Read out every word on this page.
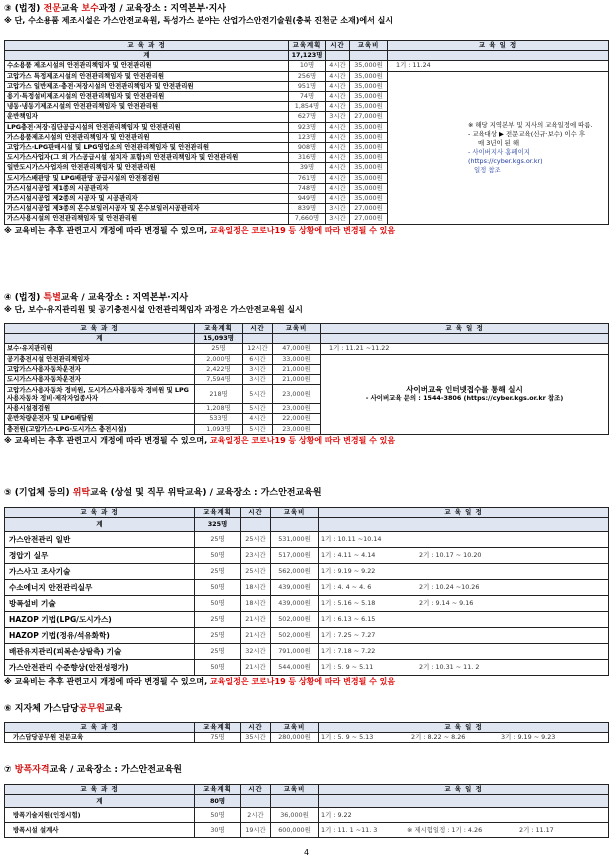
③ (법정) 전문교육 보수과정 / 교육장소 : 지역본부·지사
※ 단, 수소용품 제조시설은 가스안전교육원, 독성가스 분야는 산업가스안전기술원(충북 진천군 소재)에서 실시
교 육 과 정	교육계획	시간	교육비	교 육 일 정
계	17,123명			
수소용품 제조시설의 안전관리책임자 및 안전관리원	10명	4시간	35,000원	1기 : 11.24
고압가스 특정제조시설의 안전관리책임자 및 안전관리원	256명	4시간	35,000원	※ 해당 지역본부 및 지사의 교육일정에 따름.
- 교육대상 ▶ 전문교육(신규·보수) 이수 후
매 3년이 된 해
- 사이버지사 홈페이지(https://cyber.kgs.or.kr)
일정 참조

고압가스 일반제조·충전·저장시설의 안전관리책임자 및 안전관리원	951명	4시간	35,000원	
용기·특정설비제조시설의 안전관리책임자 및 안전관리원	74명	4시간	35,000원	
냉동·냉동기제조시설의 안전관리책임자 및 안전관리원	1,854명	4시간	35,000원	
운반책임자	627명	3시간	27,000원	
LPG충전·저장·집단공급시설의 안전관리책임자 및 안전관리원	923명	4시간	35,000원	
가스용품제조시설의 안전관리책임자 및 안전관리원	123명	4시간	35,000원	
고압가스·LPG판매시설 및 LPG영업소의 안전관리책임자 및 안전관리원	908명	4시간	35,000원	
도시가스사업자(그 외 가스공급시설 설치자 포함)의 안전관리책임자 및 안전관리원	316명	4시간	35,000원	
일반도시가스사업자의 안전관리책임자 및 안전관리원	39명	4시간	35,000원	
도시가스배관망 및 LPG배관망 공급시설의 안전점검원	761명	4시간	35,000원	
가스시설시공업 제1종의 시공관리자	748명	4시간	35,000원	
가스시설시공업 제2종의 시공자 및 시공관리자	949명	4시간	35,000원	
가스시설시공업 제3종의 온수보일러시공자 및 온수보일러시공관리자	839명	3시간	27,000원	
가스사용시설의 안전관리책임자 및 안전관리원	7,660명	3시간	27,000원	
※ 교육비는 추후 관련고시 개정에 따라 변경될 수 있으며, 교육일정은 코로나19 등 상황에 따라 변경될 수 있음
④ (법정) 특별교육 / 교육장소 : 지역본부·지사
※ 단, 보수·유지관리원 및 공기충전시설 안전관리책임자 과정은 가스안전교육원 실시
교 육 과 정	교육계획	시간	교육비	교 육 일 정
계	15,093명			
보수·유지관리원	25명	12시간	47,000원	1기 : 11.21 ~11.22
공기충전시설 안전관리책임자	2,000명	6시간	33,000원	사이버교육 인터넷접수를 통해 실시
- 사이버교육 문의 : 1544-3806 (https://cyber.kgs.or.kr 참조)

고압가스사용자동차운전자	2,422명	3시간	21,000원	
도시가스사용자동차운전자	7,594명	3시간	21,000원	
고압가스사용자동차 정비원, 도시가스사용자동차 정비원 및 LPG사용자동차 정비·제작자업종사자	218명	5시간	23,000원	
사용시설점검원	1,208명	5시간	23,000원	
운반차량운전자 및 LPG배달원	533명	4시간	22,000원	
충전원(고압가스·LPG·도시가스 충전시설)	1,093명	5시간	23,000원	
※ 교육비는 추후 관련고시 개정에 따라 변경될 수 있으며, 교육일정은 코로나19 등 상황에 따라 변경될 수 있음
⑤ (기업체 등의) 위탁교육 (상설 및 직무 위탁교육) / 교육장소 : 가스안전교육원
교 육 과 정	교육계획	시간	교육비	교 육 일 정
계	325명			
가스안전관리 일반	25명	25시간	531,000원	1기 : 10.11 ~10.14
정압기 실무	50명	23시간	517,000원	1기 : 4.11 ~ 4.14 2기 : 10.17 ~ 10.20
가스사고 조사기술	25명	25시간	562,000원	1기 : 9.19 ~ 9.22
수소에너지 안전관리실무	50명	18시간	439,000원	1기 : 4. 4 ~ 4. 6 2기 : 10.24 ~10.26
방폭설비 기술	50명	18시간	439,000원	1기 : 5.16 ~ 5.18 2기 : 9.14 ~ 9.16
HAZOP 기법(LPG/도시가스)	25명	21시간	502,000원	1기 : 6.13 ~ 6.15
HAZOP 기법(정유/석유화학)	25명	21시간	502,000원	1기 : 7.25 ~ 7.27
배관유지관리(피복손상탐측) 기술	25명	32시간	791,000원	1기 : 7.18 ~ 7.22
가스안전관리 수준향상(안전성평가)	50명	21시간	544,000원	1기 : 5. 9 ~ 5.11 2기 : 10.31 ~ 11. 2
※ 교육비는 추후 관련고시 개정에 따라 변경될 수 있으며, 교육일정은 코로나19 등 상황에 따라 변경될 수 있음
⑥ 지자체 가스담당공무원교육
교 육 과 정	교육계획	시간	교육비	교 육 일 정
가스담당공무원 전문교육	75명	35시간	280,000원	1기 : 5. 9 ~ 5.13 2기 : 8.22 ~ 8.26 3기 : 9.19 ~ 9.23
⑦ 방폭자격교육 / 교육장소 : 가스안전교육원
교 육 과 정	교육계획	시간	교육비	교 육 일 정
계	80명			
방폭기술지원(인정시험)	50명	2시간	36,000원	1기 : 9.22
방폭시설 설계사	30명	19시간	600,000원	1기 : 11. 1 ~11. 3 ※ 제시험일정 : 1기 : 4.26 2기 : 11.17
4
